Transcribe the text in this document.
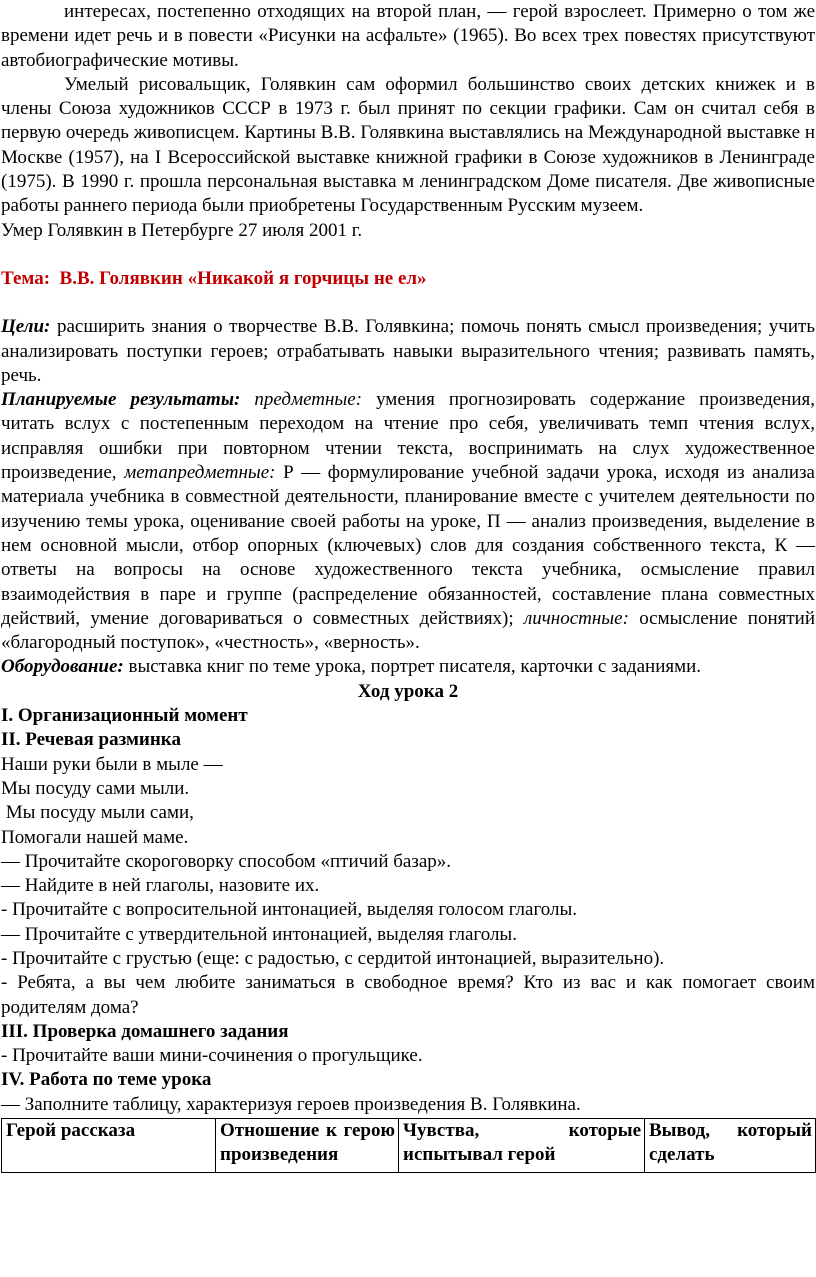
интересах, постепенно отходящих на второй план, — герой взрослеет. Примерно о том же времени идет речь и в повести «Рисунки на асфальте» (1965). Во всех трех повестях присутствуют автобиографические мотивы.

Умелый рисовальщик, Голявкин сам оформил большинство своих детских книжек и в члены Союза художников СССР в 1973 г. был принят по секции графики. Сам он считал себя в первую очередь живописцем. Картины В.В. Голявкина выставлялись на Международной выставке н Москве (1957), на I Всероссийской выставке книжной графики в Союзе художников в Ленинграде (1975). В 1990 г. прошла персональная выставка м ленинградском Доме писателя. Две живописные работы раннего периода были приобретены Государственным Русским музеем.

Умер Голявкин в Петербурге 27 июля 2001 г.

Тема:  В.В. Голявкин «Никакой я горчицы не ел»

Цели: расширить знания о творчестве В.В. Голявкина; помочь понять смысл произведения; учить анализировать поступки героев; отрабатывать навыки выразительного чтения; развивать память, речь.

Планируемые результаты: предметные: умения прогнозировать содержание произведения, читать вслух с постепенным переходом на чтение про себя, увеличивать темп чтения вслух, исправляя ошибки при повторном чтении текста, воспринимать на слух художественное произведение, метапредметные: Р — формулирование учебной задачи урока, исходя из анализа материала учебника в совместной деятельности, планирование вместе с учителем деятельности по изучению темы урока, оценивание своей работы на уроке, П — анализ произведения, выделение в нем основной мысли, отбор опорных (ключевых) слов для создания собственного текста, К — ответы на вопросы на основе художественного текста учебника, осмысление правил взаимодействия в паре и группе (распределение обязанностей, составление плана совместных действий, умение договариваться о совместных действиях); личностные: осмысление понятий «благородный поступок», «честность», «верность».

Оборудование: выставка книг по теме урока, портрет писателя, карточки с заданиями.

Ход урока 2

I. Организационный момент

II. Речевая разминка

Наши руки были в мыле —

Мы посуду сами мыли.

Мы посуду мыли сами,

Помогали нашей маме.

— Прочитайте скороговорку способом «птичий базар».

— Найдите в ней глаголы, назовите их.

- Прочитайте с вопросительной интонацией, выделяя голосом глаголы.

— Прочитайте с утвердительной интонацией, выделяя глаголы.

- Прочитайте с грустью (еще: с радостью, с сердитой интонацией, выразительно).

- Ребята, а вы чем любите заниматься в свободное время? Кто из вас и как помогает своим родителям дома?

III. Проверка домашнего задания

- Прочитайте ваши мини-сочинения о прогульщике.

IV. Работа по теме урока

— Заполните таблицу, характеризуя героев произведения В. Голявкина.

Герой рассказа	Отношение к герою произведения	Чувства, которые испытывал герой	Вывод, который сделать
